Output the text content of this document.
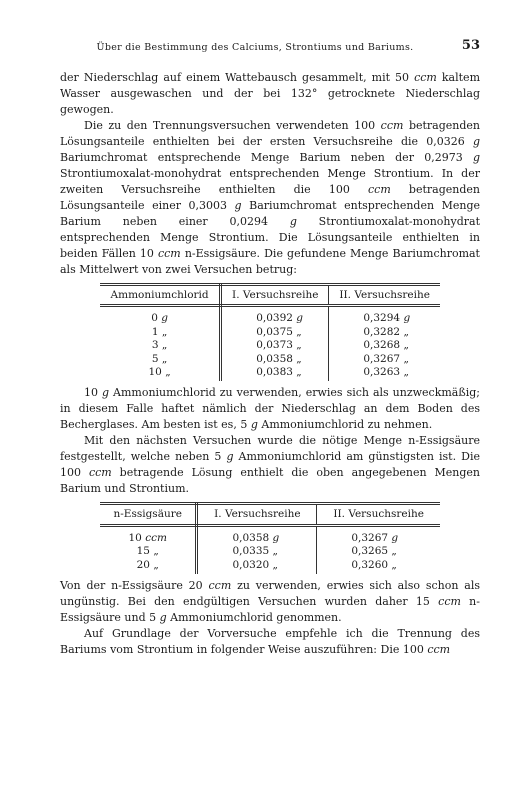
Über die Bestimmung des Calciums, Strontiums und Bariums.	53

der Niederschlag auf einem Wattebausch gesammelt, mit 50 ccm kaltem Wasser ausgewaschen und der bei 132° getrocknete Niederschlag gewogen.

Die zu den Trennungsversuchen verwendeten 100 ccm betragenden Lösungsanteile enthielten bei der ersten Versuchsreihe die 0,0326 g Bariumchromat entsprechende Menge Barium neben der 0,2973 g Strontiumoxalat-monohydrat entsprechenden Menge Strontium. In der zweiten Versuchsreihe enthielten die 100 ccm betragenden Lösungsanteile einer 0,3003 g Bariumchromat entsprechenden Menge Barium neben einer 0,0294 g Strontiumoxalat-monohydrat entsprechenden Menge Strontium. Die Lösungsanteile enthielten in beiden Fällen 10 ccm n-Essigsäure. Die gefundene Menge Bariumchromat als Mittelwert von zwei Versuchen betrug:

Ammoniumchlorid	I. Versuchsreihe	II. Versuchsreihe
0 g	0,0392 g	0,3294 g
1 „	0,0375 „	0,3282 „
3 „	0,0373 „	0,3268 „
5 „	0,0358 „	0,3267 „
10 „	0,0383 „	0,3263 „

10 g Ammoniumchlorid zu verwenden, erwies sich als unzweckmäßig; in diesem Falle haftet nämlich der Niederschlag an dem Boden des Becherglases. Am besten ist es, 5 g Ammoniumchlorid zu nehmen.

Mit den nächsten Versuchen wurde die nötige Menge n-Essigsäure festgestellt, welche neben 5 g Ammoniumchlorid am günstigsten ist. Die 100 ccm betragende Lösung enthielt die oben angegebenen Mengen Barium und Strontium.

n-Essigsäure	I. Versuchsreihe	II. Versuchsreihe
10 ccm	0,0358 g	0,3267 g
15 „	0,0335 „	0,3265 „
20 „	0,0320 „	0,3260 „

Von der n-Essigsäure 20 ccm zu verwenden, erwies sich also schon als ungünstig. Bei den endgültigen Versuchen wurden daher 15 ccm n-Essigsäure und 5 g Ammoniumchlorid genommen.

Auf Grundlage der Vorversuche empfehle ich die Trennung des Bariums vom Strontium in folgender Weise auszuführen: Die 100 ccm
